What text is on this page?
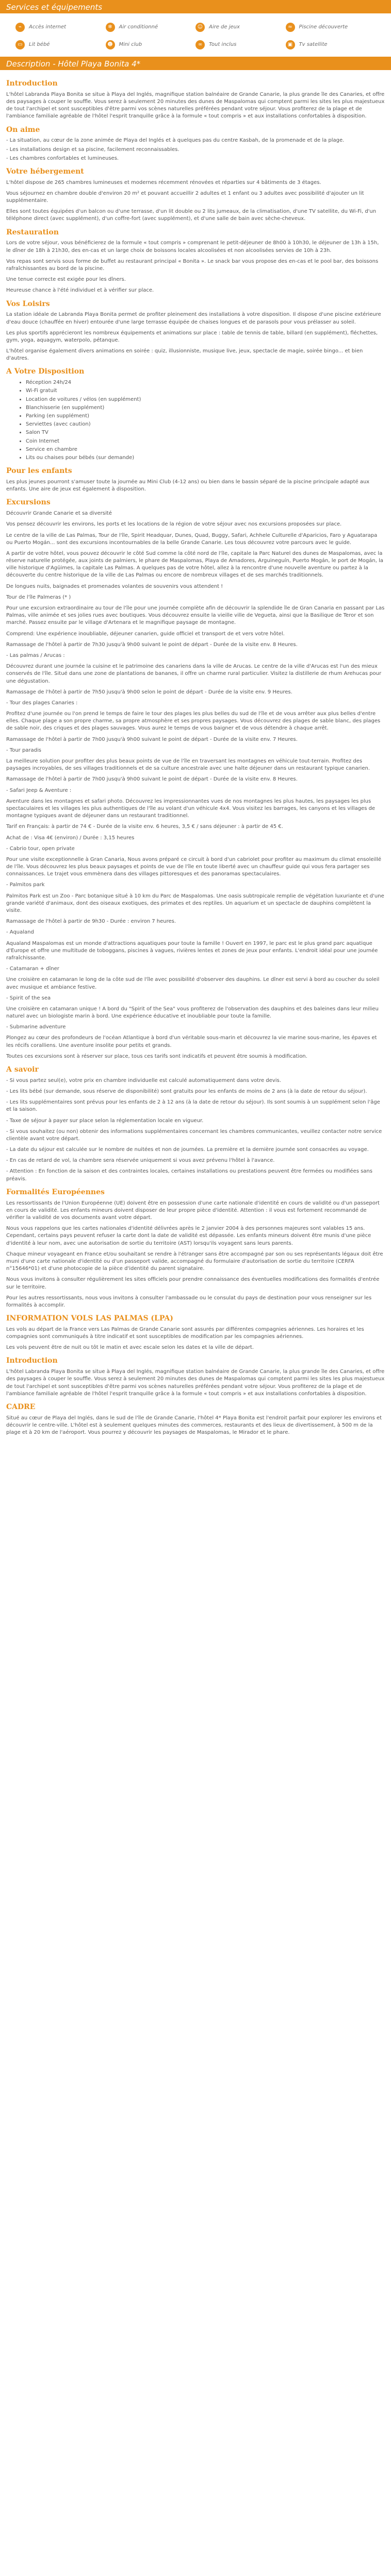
Services et équipements
⌁	Accès internet	❄	Air conditionné	☺	Aire de jeux	≈	Piscine découverte
▭	Lit bébé	☻	Mini club	∞	Tout inclus	▣	Tv satellite
Description - Hôtel Playa Bonita 4*
Introduction

L'hôtel Labranda Playa Bonita se situe à Playa del Inglés, magnifique station balnéaire de Grande Canarie, la plus grande île des Canaries, et offre des paysages à couper le souffle. Vous serez à seulement 20 minutes des dunes de Maspalomas qui comptent parmi les sites les plus majestueux de tout l'archipel et sont susceptibles d'être parmi vos scènes naturelles préférées pendant votre séjour. Vous profiterez de la plage et de l'ambiance familiale agréable de l'hôtel l'esprit tranquille grâce à la formule « tout compris » et aux installations confortables à disposition.

On aime
- La situation, au cœur de la zone animée de Playa del Inglés et à quelques pas du centre Kasbah, de la promenade et de la plage.
- Les installations design et sa piscine, facilement reconnaissables.
- Les chambres confortables et lumineuses.
Votre hébergement

L'hôtel dispose de 265 chambres lumineuses et modernes récemment rénovées et réparties sur 4 bâtiments de 3 étages.

Vous séjournez en chambre double d'environ 20 m² et pouvant accueillir 2 adultes et 1 enfant ou 3 adultes avec possibilité d'ajouter un lit supplémentaire.

Elles sont toutes équipées d'un balcon ou d'une terrasse, d'un lit double ou 2 lits jumeaux, de la climatisation, d'une TV satellite, du Wi-Fi, d'un téléphone direct (avec supplément), d'un coffre-fort (avec supplément), et d'une salle de bain avec sèche-cheveux.

Restauration

Lors de votre séjour, vous bénéficierez de la formule « tout compris » comprenant le petit-déjeuner de 8h00 à 10h30, le déjeuner de 13h à 15h, le dîner de 18h à 21h30, des en-cas et un large choix de boissons locales alcoolisées et non alcoolisées servies de 10h à 23h.

Vos repas sont servis sous forme de buffet au restaurant principal « Bonita ». Le snack bar vous propose des en-cas et le pool bar, des boissons rafraîchissantes au bord de la piscine.

Une tenue correcte est exigée pour les dîners.

Heureuse chance à l'été individuel et à vérifier sur place.

Vos Loisirs

La station idéale de Labranda Playa Bonita permet de profiter pleinement des installations à votre disposition. Il dispose d'une piscine extérieure d'eau douce (chauffée en hiver) entourée d'une large terrasse équipée de chaises longues et de parasols pour vous prélasser au soleil.

Les plus sportifs apprécieront les nombreux équipements et animations sur place : table de tennis de table, billard (en supplément), fléchettes, gym, yoga, aquagym, waterpolo, pétanque.

L'hôtel organise également divers animations en soirée : quiz, illusionniste, musique live, jeux, spectacle de magie, soirée bingo... et bien d'autres.

A Votre Disposition
• Réception 24h/24
• Wi-Fi gratuit
• Location de voitures / vélos (en supplément)
• Blanchisserie (en supplément)
• Parking (en supplément)
• Serviettes (avec caution)
• Salon TV
• Coin Internet
• Service en chambre
• Lits ou chaises pour bébés (sur demande)
Pour les enfants

Les plus jeunes pourront s'amuser toute la journée au Mini Club (4-12 ans) ou bien dans le bassin séparé de la piscine principale adapté aux enfants. Une aire de jeux est également à disposition.

Excursions

Découvrir Grande Canarie et sa diversité

Vos pensez découvrir les environs, les ports et les locations de la région de votre séjour avec nos excursions proposées sur place.

Le centre de la ville de Las Palmas, Tour de l'île, Spirit Headquar, Dunes, Quad, Buggy, Safari, Achhele Culturelle d'Aparicios, Faro y Aguatarapa ou Puerto Mogán... sont des excursions incontournables de la belle Grande Canarie. Les tous découvrez votre parcours avec le guide.

A partir de votre hôtel, vous pouvez découvrir le côté Sud comme la côté nord de l'île, capitale la Parc Naturel des dunes de Maspalomas, avec la réserve naturelle protégée, aux joints de palmiers, le phare de Maspalomas, Playa de Amadores, Arguineguín, Puerto Mogán, le port de Mogán, la ville historique d'Agüimes, la capitale Las Palmas. A quelques pas de votre hôtel, allez à la rencontre d'une nouvelle aventure ou partez à la découverte du centre historique de la ville de Las Palmas ou encore de nombreux villages et de ses marchés traditionnels.

De longues nuits, baignades et promenades volantes de souvenirs vous attendent !

Tour de l'île Palmeras (* )

Pour une excursion extraordinaire au tour de l'île pour une journée complète afin de découvrir la splendide île de Gran Canaria en passant par Las Palmas, ville animée et ses jolies rues avec boutiques. Vous découvrez ensuite la vieille ville de Vegueta, ainsi que la Basilique de Teror et son marché. Passez ensuite par le village d'Artenara et le magnifique paysage de montagne.

Comprend: Une expérience inoubliable, déjeuner canarien, guide officiel et transport de et vers votre hôtel.

Ramassage de l'hôtel à partir de 7h30 jusqu'à 9h00 suivant le point de départ - Durée de la visite env. 8 Heures.

- Las palmas / Arucas :

Découvrez durant une journée la cuisine et le patrimoine des canariens dans la ville de Arucas. Le centre de la ville d'Arucas est l'un des mieux conservés de l'île. Situé dans une zone de plantations de bananes, il offre un charme rural particulier. Visitez la distillerie de rhum Arehucas pour une dégustation.

Ramassage de l'hôtel à partir de 7h50 jusqu'à 9h00 selon le point de départ - Durée de la visite env. 9 Heures.

- Tour des plages Canaries :

Profitez d'une journée ou l'on prend le temps de faire le tour des plages les plus belles du sud de l'île et de vous arrêter aux plus belles d'entre elles. Chaque plage a son propre charme, sa propre atmosphère et ses propres paysages. Vous découvrez des plages de sable blanc, des plages de sable noir, des criques et des plages sauvages. Vous aurez le temps de vous baigner et de vous détendre à chaque arrêt.

Ramassage de l'hôtel à partir de 7h00 jusqu'à 9h00 suivant le point de départ - Durée de la visite env. 7 Heures.

- Tour paradis

La meilleure solution pour profiter des plus beaux points de vue de l'île en traversant les montagnes en véhicule tout-terrain. Profitez des paysages incroyables, de ses villages traditionnels et de sa culture ancestrale avec une halte déjeuner dans un restaurant typique canarien.

Ramassage de l'hôtel à partir de 7h00 jusqu'à 9h00 suivant le point de départ - Durée de la visite env. 8 Heures.

- Safari Jeep & Aventure :

Aventure dans les montagnes et safari photo. Découvrez les impressionnantes vues de nos montagnes les plus hautes, les paysages les plus spectaculaires et les villages les plus authentiques de l'île au volant d'un véhicule 4x4. Vous visitez les barrages, les canyons et les villages de montagne typiques avant de déjeuner dans un restaurant traditionnel.

Tarif en Français: à partir de 74 € - Durée de la visite env. 6 heures, 3,5 € / sans déjeuner : à partir de 45 €.

Achat de : Visa 4€ (environ) / Durée : 3,15 heures

- Cabrio tour, open private

Pour une visite exceptionnelle à Gran Canaria, Nous avons préparé ce circuit à bord d'un cabriolet pour profiter au maximum du climat ensoleillé de l'île. Vous découvrez les plus beaux paysages et points de vue de l'île en toute liberté avec un chauffeur guide qui vous fera partager ses connaissances. Le trajet vous emmènera dans des villages pittoresques et des panoramas spectaculaires.

- Palmitos park

Palmitos Park est un Zoo - Parc botanique situé à 10 km du Parc de Maspalomas. Une oasis subtropicale remplie de végétation luxuriante et d'une grande variété d'animaux, dont des oiseaux exotiques, des primates et des reptiles. Un aquarium et un spectacle de dauphins complètent la visite.

Ramassage de l'hôtel à partir de 9h30 - Durée : environ 7 heures.

- Aqualand

Aqualand Maspalomas est un monde d'attractions aquatiques pour toute la famille ! Ouvert en 1997, le parc est le plus grand parc aquatique d'Europe et offre une multitude de toboggans, piscines à vagues, rivières lentes et zones de jeux pour enfants. L'endroit idéal pour une journée rafraîchissante.

- Catamaran + dîner

Une croisière en catamaran le long de la côte sud de l'île avec possibilité d'observer des dauphins. Le dîner est servi à bord au coucher du soleil avec musique et ambiance festive.

- Spirit of the sea

Une croisière en catamaran unique ! A bord du "Spirit of the Sea" vous profiterez de l'observation des dauphins et des baleines dans leur milieu naturel avec un biologiste marin à bord. Une expérience éducative et inoubliable pour toute la famille.

- Submarine adventure

Plongez au cœur des profondeurs de l'océan Atlantique à bord d'un véritable sous-marin et découvrez la vie marine sous-marine, les épaves et les récifs coralliens. Une aventure insolite pour petits et grands.

Toutes ces excursions sont à réserver sur place, tous ces tarifs sont indicatifs et peuvent être soumis à modification.

A savoir

- Si vous partez seul(e), votre prix en chambre individuelle est calculé automatiquement dans votre devis.

- Les lits bébé (sur demande, sous réserve de disponibilité) sont gratuits pour les enfants de moins de 2 ans (à la date de retour du séjour).

- Les lits supplémentaires sont prévus pour les enfants de 2 à 12 ans (à la date de retour du séjour). Ils sont soumis à un supplément selon l'âge et la saison.

- Taxe de séjour à payer sur place selon la réglementation locale en vigueur.

- Si vous souhaitez (ou non) obtenir des informations supplémentaires concernant les chambres communicantes, veuillez contacter notre service clientèle avant votre départ.

- La date du séjour est calculée sur le nombre de nuitées et non de journées. La première et la dernière journée sont consacrées au voyage.

- En cas de retard de vol, la chambre sera réservée uniquement si vous avez prévenu l'hôtel à l'avance.

- Attention : En fonction de la saison et des contraintes locales, certaines installations ou prestations peuvent être fermées ou modifiées sans préavis.

Formalités Européennes

Les ressortissants de l'Union Européenne (UE) doivent être en possession d'une carte nationale d'identité en cours de validité ou d'un passeport en cours de validité. Les enfants mineurs doivent disposer de leur propre pièce d'identité. Attention : il vous est fortement recommandé de vérifier la validité de vos documents avant votre départ.

Nous vous rappelons que les cartes nationales d'identité délivrées après le 2 janvier 2004 à des personnes majeures sont valables 15 ans. Cependant, certains pays peuvent refuser la carte dont la date de validité est dépassée. Les enfants mineurs doivent être munis d'une pièce d'identité à leur nom, avec une autorisation de sortie du territoire (AST) lorsqu'ils voyagent sans leurs parents.

Chaque mineur voyageant en France et/ou souhaitant se rendre à l'étranger sans être accompagné par son ou ses représentants légaux doit être muni d'une carte nationale d'identité ou d'un passeport valide, accompagné du formulaire d'autorisation de sortie du territoire (CERFA n°15646*01) et d'une photocopie de la pièce d'identité du parent signataire.

Nous vous invitons à consulter régulièrement les sites officiels pour prendre connaissance des éventuelles modifications des formalités d'entrée sur le territoire.

Pour les autres ressortissants, nous vous invitons à consulter l'ambassade ou le consulat du pays de destination pour vous renseigner sur les formalités à accomplir.

INFORMATION VOLS LAS PALMAS (LPA)

Les vols au départ de la France vers Las Palmas de Grande Canarie sont assurés par différentes compagnies aériennes. Les horaires et les compagnies sont communiqués à titre indicatif et sont susceptibles de modification par les compagnies aériennes.

Les vols peuvent être de nuit ou tôt le matin et avec escale selon les dates et la ville de départ.

Introduction

L'hôtel Labranda Playa Bonita se situe à Playa del Inglés, magnifique station balnéaire de Grande Canarie, la plus grande île des Canaries, et offre des paysages à couper le souffle. Vous serez à seulement 20 minutes des dunes de Maspalomas qui comptent parmi les sites les plus majestueux de tout l'archipel et sont susceptibles d'être parmi vos scènes naturelles préférées pendant votre séjour. Vous profiterez de la plage et de l'ambiance familiale agréable de l'hôtel l'esprit tranquille grâce à la formule « tout compris » et aux installations confortables à disposition.

CADRE

Situé au cœur de Playa del Inglés, dans le sud de l'île de Grande Canarie, l'hôtel 4* Playa Bonita est l'endroit parfait pour explorer les environs et découvrir le centre-ville. L'hôtel est à seulement quelques minutes des commerces, restaurants et des lieux de divertissement, à 500 m de la plage et à 20 km de l'aéroport. Vous pourrez y découvrir les paysages de Maspalomas, le Mirador et le phare.
